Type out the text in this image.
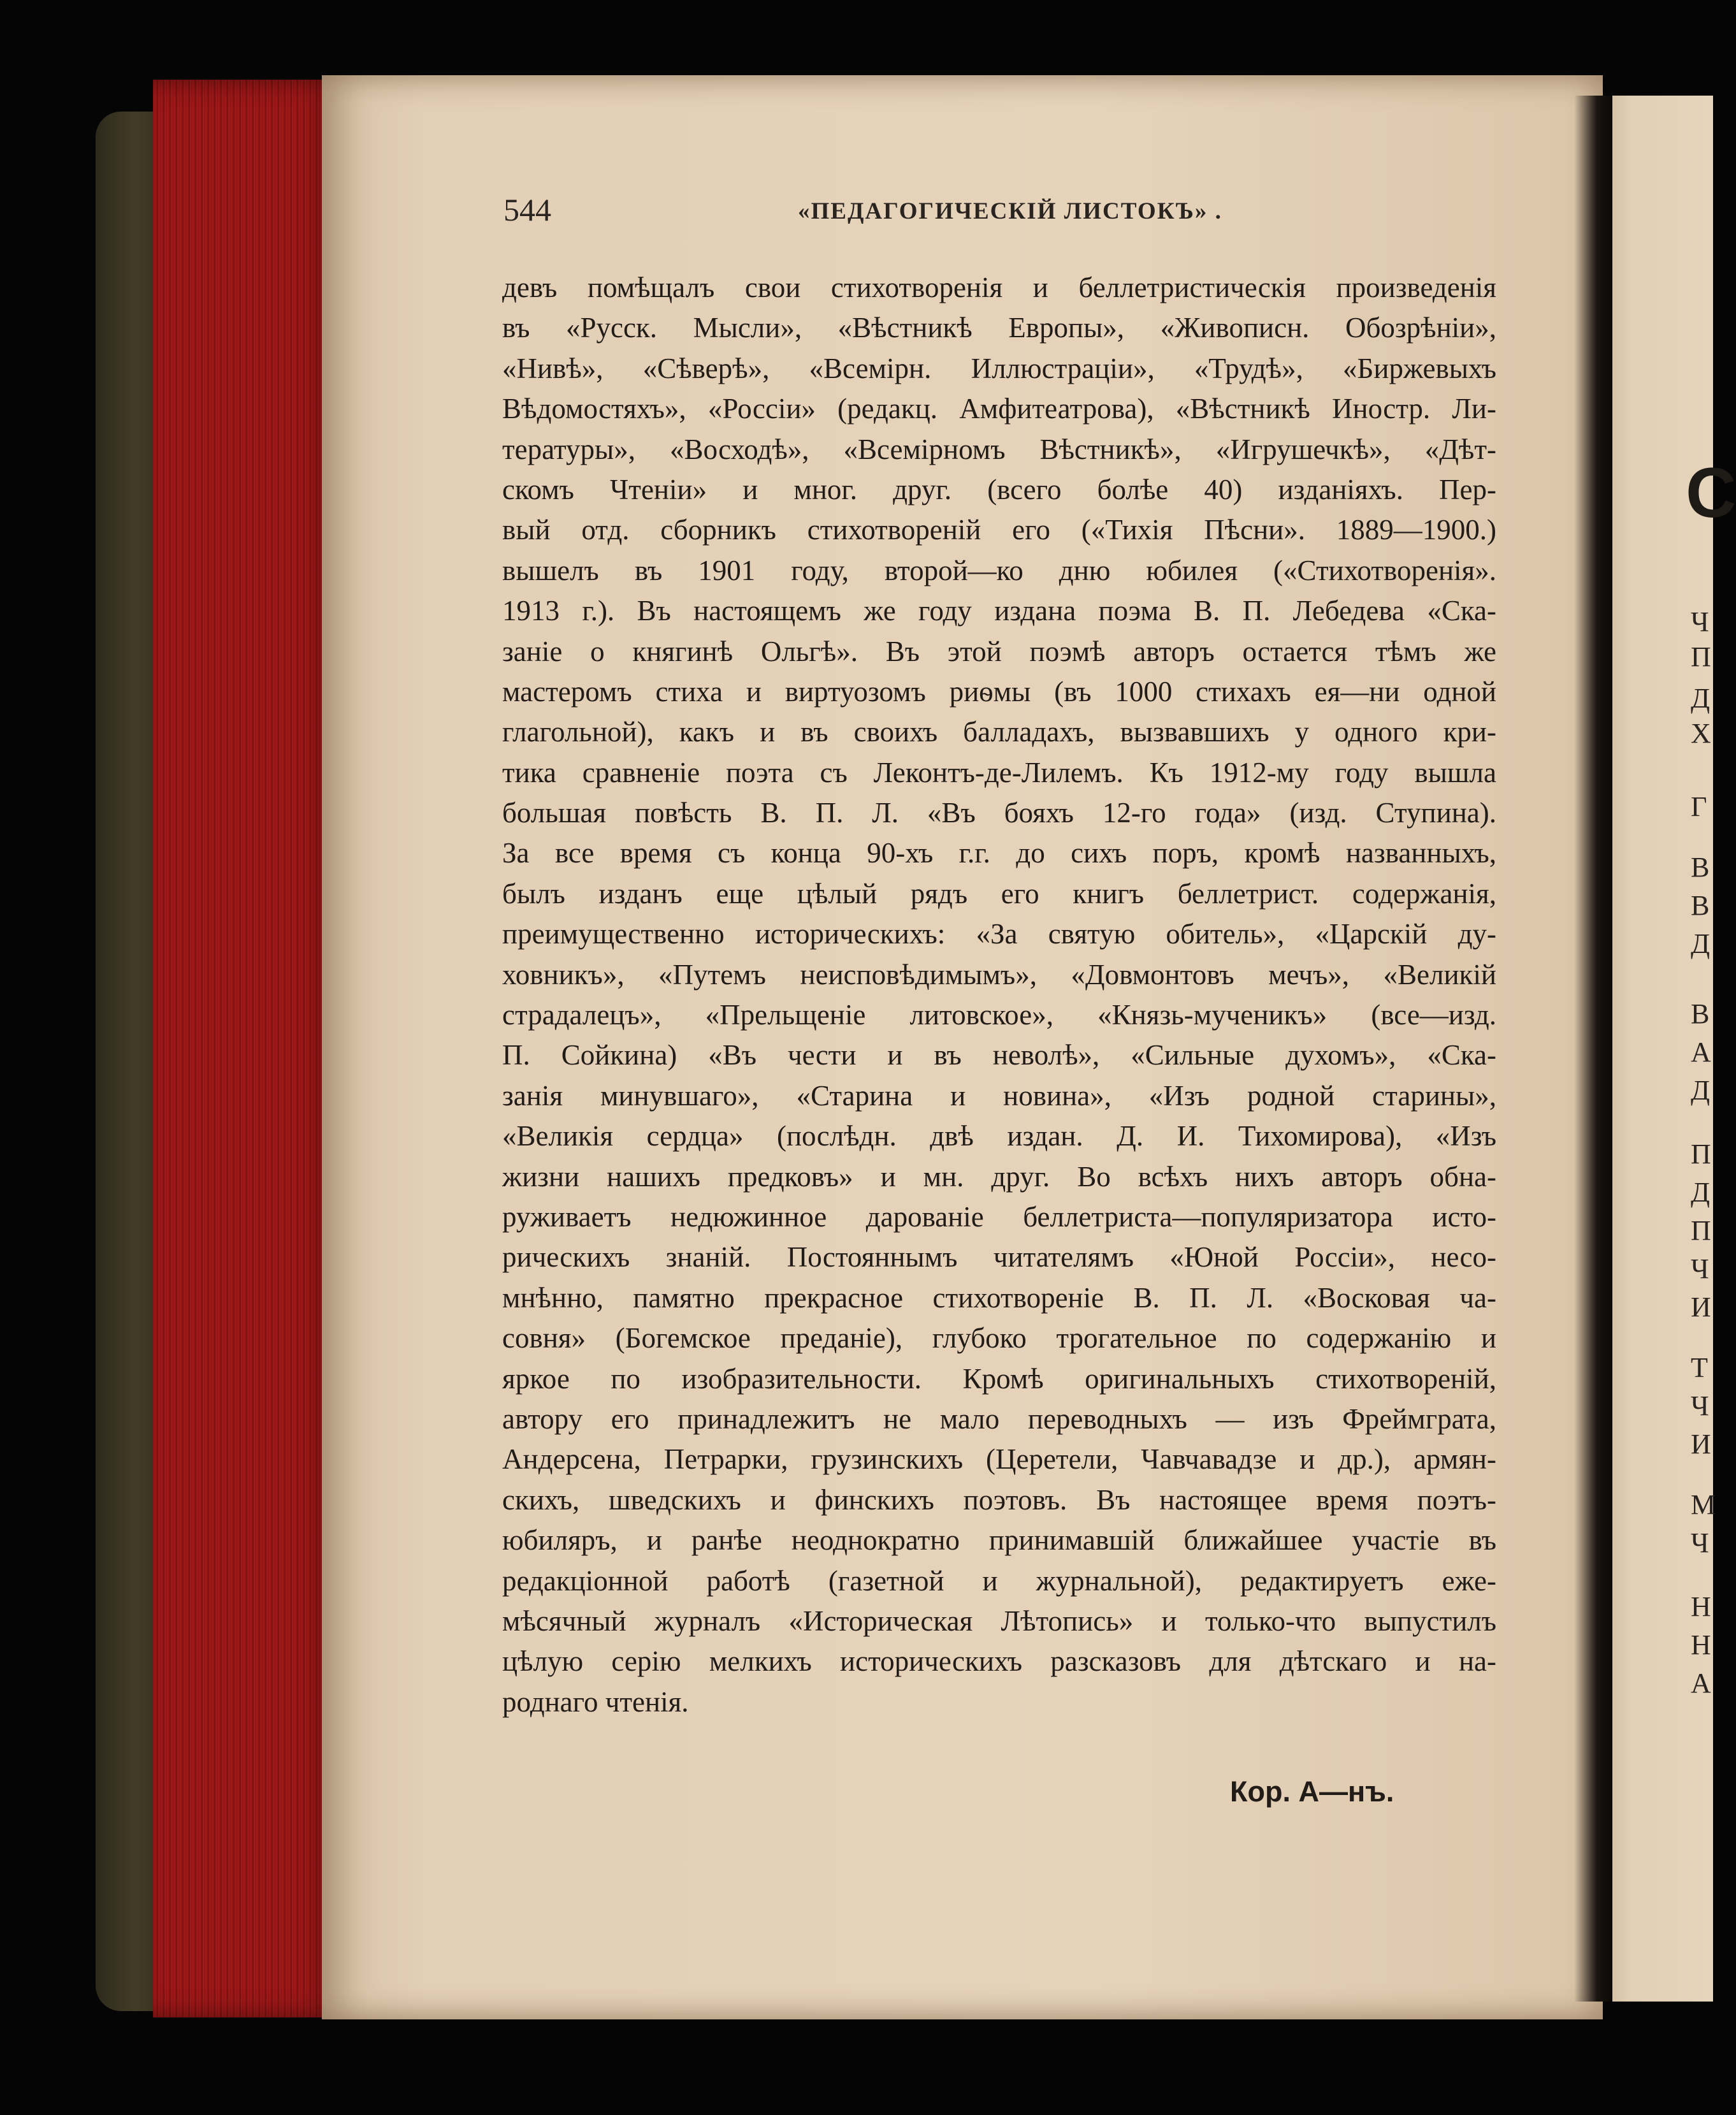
С
Ч
П
Д
Х
Г
В
В
Д
В
А
Д
П
Д
П
Ч
И
Т
Ч
И
М
Ч
Н
Н
А
544	«ПЕДАГОГИЧЕСКІЙ ЛИСТОКЪ» .
девъ помѣщалъ свои стихотворенія и беллетристическія произведенія
въ «Русск. Мысли», «Вѣстникѣ Европы», «Живописн. Обозрѣніи»,
«Нивѣ», «Сѣверѣ», «Всемірн. Иллюстраціи», «Трудѣ», «Биржевыхъ
Вѣдомостяхъ», «Россіи» (редакц. Амфитеатрова), «Вѣстникѣ Иностр. Ли-
тературы», «Восходѣ», «Всемірномъ Вѣстникѣ», «Игрушечкѣ», «Дѣт-
скомъ Чтеніи» и мног. друг. (всего болѣе 40) изданіяхъ. Пер-
вый отд. сборникъ стихотвореній его («Тихія Пѣсни». 1889—1900.)
вышелъ въ 1901 году, второй—ко дню юбилея («Стихотворенія».
1913 г.). Въ настоящемъ же году издана поэма В. П. Лебедева «Ска-
заніе о княгинѣ Ольгѣ». Въ этой поэмѣ авторъ остается тѣмъ же
мастеромъ стиха и виртуозомъ риѳмы (въ 1000 стихахъ ея—ни одной
глагольной), какъ и въ своихъ балладахъ, вызвавшихъ у одного кри-
тика сравненіе поэта съ Леконтъ-де-Лилемъ. Къ 1912-му году вышла
большая повѣсть В. П. Л. «Въ бояхъ 12-го года» (изд. Ступина).
За все время съ конца 90-хъ г.г. до сихъ поръ, кромѣ названныхъ,
былъ изданъ еще цѣлый рядъ его книгъ беллетрист. содержанія,
преимущественно историческихъ: «За святую обитель», «Царскій ду-
ховникъ», «Путемъ неисповѣдимымъ», «Довмонтовъ мечъ», «Великій
страдалецъ», «Прельщеніе литовское», «Князь-мученикъ» (все—изд.
П. Сойкина) «Въ чести и въ неволѣ», «Сильные духомъ», «Ска-
занія минувшаго», «Старина и новина», «Изъ родной старины»,
«Великія сердца» (послѣдн. двѣ издан. Д. И. Тихомирова), «Изъ
жизни нашихъ предковъ» и мн. друг. Во всѣхъ нихъ авторъ обна-
руживаетъ недюжинное дарованіе беллетриста—популяризатора исто-
рическихъ знаній. Постояннымъ читателямъ «Юной Россіи», несо-
мнѣнно, памятно прекрасное стихотвореніе В. П. Л. «Восковая ча-
совня» (Богемское преданіе), глубоко трогательное по содержанію и
яркое по изобразительности. Кромѣ оригинальныхъ стихотвореній,
автору его принадлежитъ не мало переводныхъ — изъ Фреймграта,
Андерсена, Петрарки, грузинскихъ (Церетели, Чавчавадзе и др.), армян-
скихъ, шведскихъ и финскихъ поэтовъ. Въ настоящее время поэтъ-
юбиляръ, и ранѣе неоднократно принимавшій ближайшее участіе въ
редакціонной работѣ (газетной и журнальной), редактируетъ еже-
мѣсячный журналъ «Историческая Лѣтопись» и только-что выпустилъ
цѣлую серію мелкихъ историческихъ разсказовъ для дѣтскаго и на-
роднаго чтенія.
Кор. А—нъ.
